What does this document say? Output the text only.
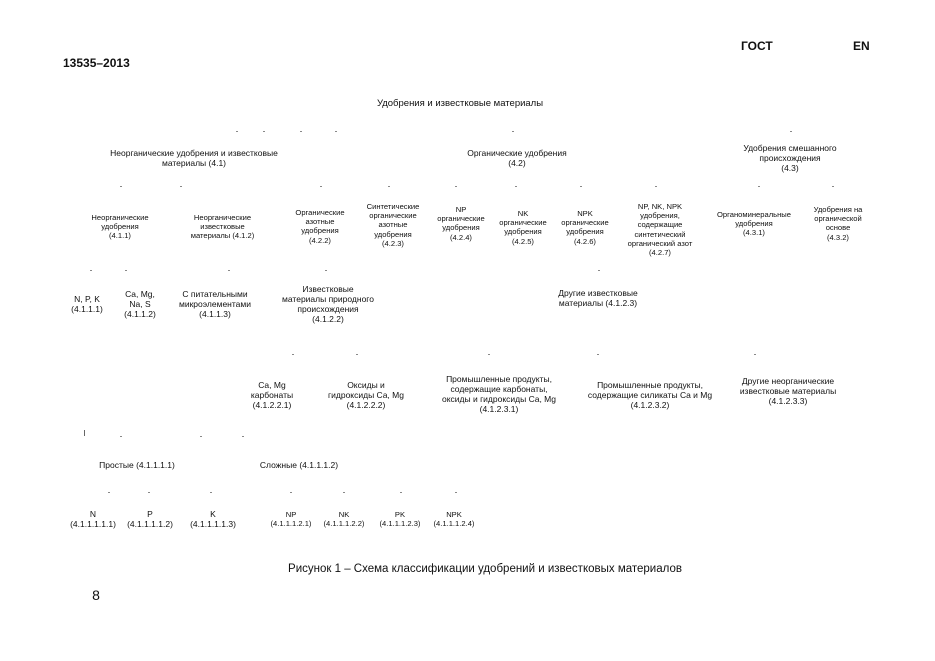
13535–2013
ГОСТ	EN
Удобрения и известковые материалы
Неорганические удобрения и известковые
материалы (4.1)
Органические удобрения
(4.2)
Удобрения смешанного
происхождения
(4.3)
Неорганические
удобрения
(4.1.1)
Неорганические
известковые
материалы (4.1.2)
Органические
азотные
удобрения
(4.2.2)
Синтетические
органические
азотные
удобрения
(4.2.3)
NP
органические
удобрения
(4.2.4)
NK
органические
удобрения
(4.2.5)
NPK
органические
удобрения
(4.2.6)
NP, NK, NPK
удобрения,
содержащие
синтетический
органический азот
(4.2.7)
Органоминеральные
удобрения
(4.3.1)
Удобрения на
органической
основе
(4.3.2)
N, P, K
(4.1.1.1)
Ca, Mg,
Na, S
(4.1.1.2)
С питательными
микроэлементами
(4.1.1.3)
Известковые
материалы природного
происхождения
(4.1.2.2)
Другие известковые
материалы (4.1.2.3)
Ca, Mg
карбонаты
(4.1.2.2.1)
Оксиды и
гидроксиды Ca, Mg
(4.1.2.2.2)
Промышленные продукты,
содержащие карбонаты,
оксиды и гидроксиды Ca, Mg
(4.1.2.3.1)
Промышленные продукты,
содержащие силикаты Ca и Mg
(4.1.2.3.2)
Другие неорганические
известковые материалы
(4.1.2.3.3)
Простые (4.1.1.1.1)	Сложные (4.1.1.1.2)
N
(4.1.1.1.1.1)
P
(4.1.1.1.1.2)
K
(4.1.1.1.1.3)
NP
(4.1.1.1.2.1)
NK
(4.1.1.1.2.2)
PK
(4.1.1.1.2.3)
NPK
(4.1.1.1.2.4)
Рисунок 1 – Схема классификации удобрений и известковых материалов
8
